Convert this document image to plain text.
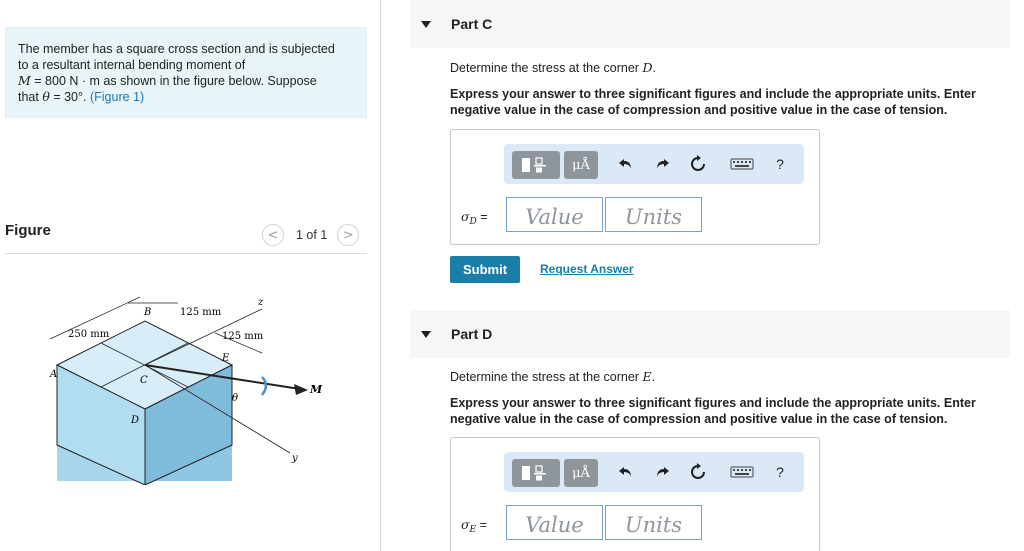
The member has a square cross section and is subjected
to a resultant internal bending moment of
M = 800 N · m as shown in the figure below. Suppose
that θ = 30°. (Figure 1)
Figure	<	1 of 1	>
B	125 mm
z
250 mm	125 mm
E
A
C
θ
M
D
y
Part C
Determine the stress at the corner D.
Express your answer to three significant figures and include the appropriate units. Enter
negative value in the case of compression and positive value in the case of tension.
μÅ	?
$\sigma_D$ =
Value
Units
Submit	Request Answer
Part D
Determine the stress at the corner E.
Express your answer to three significant figures and include the appropriate units. Enter
negative value in the case of compression and positive value in the case of tension.
μÅ	?
$\sigma_E$ =
Value
Units
